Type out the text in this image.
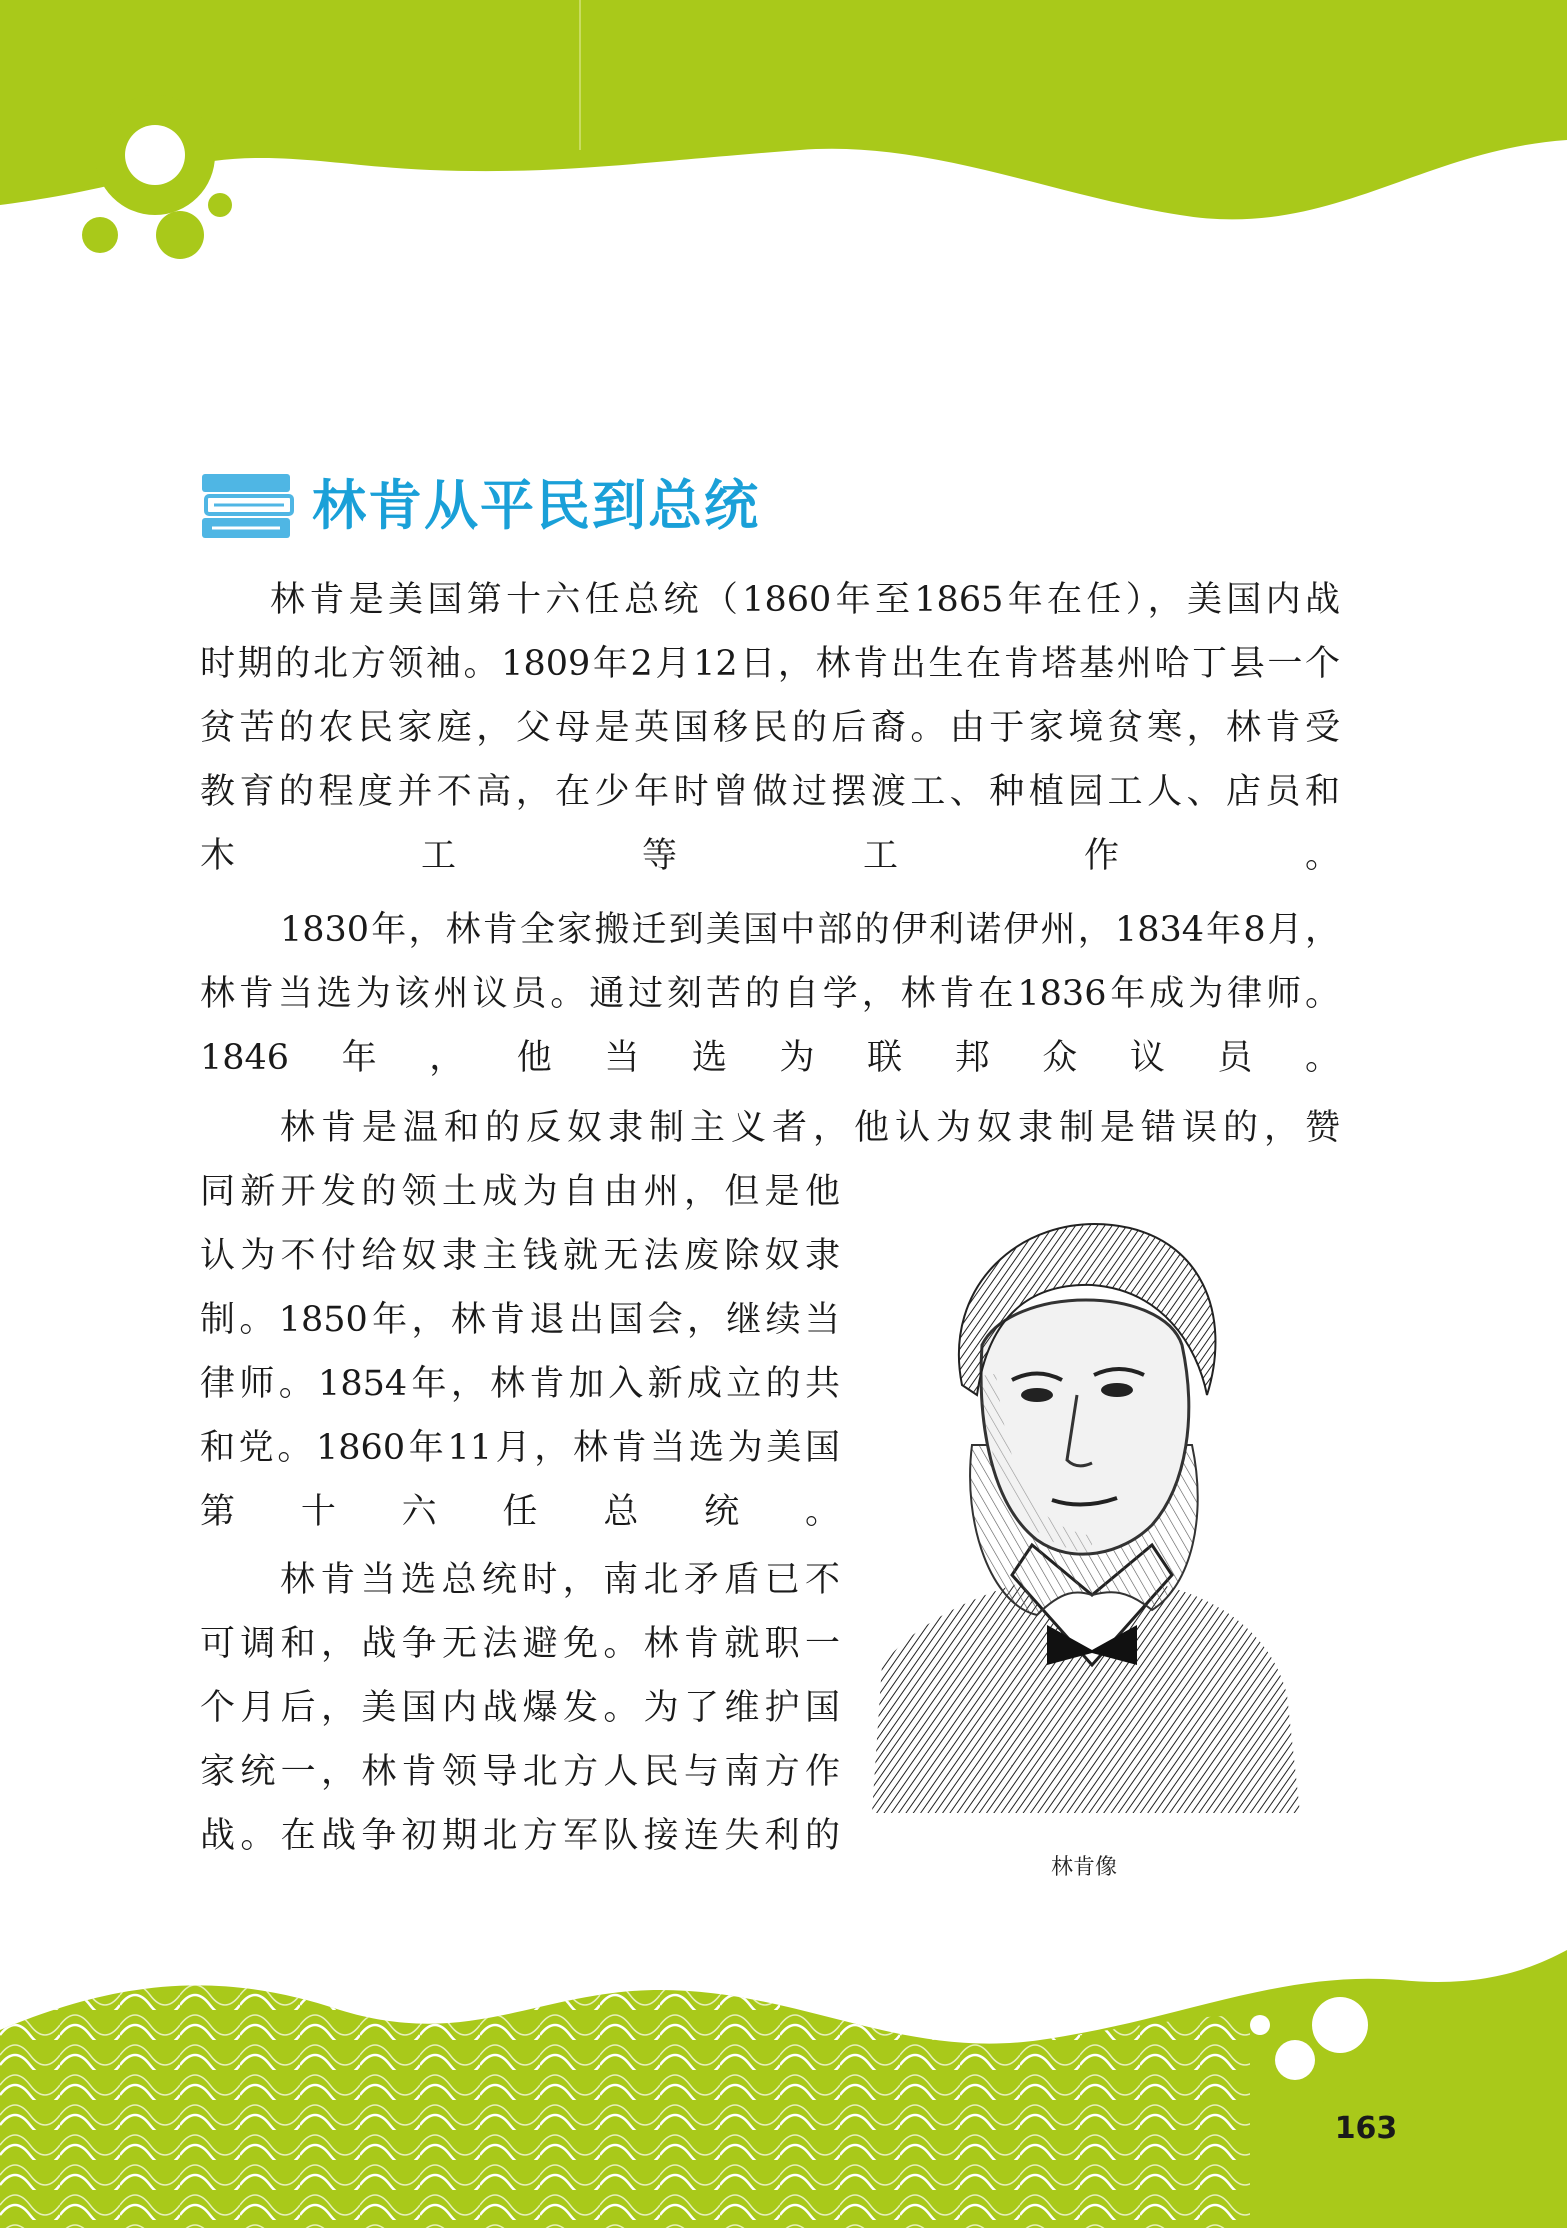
林肯从平民到总统
林肯是美国第十六任总统（1860年至1865年在任），美国内战
时期的北方领袖。1809年2月12日，林肯出生在肯塔基州哈丁县一个
贫苦的农民家庭，父母是英国移民的后裔。由于家境贫寒，林肯受
教育的程度并不高，在少年时曾做过摆渡工、种植园工人、店员和
木工等工作。
1830年，林肯全家搬迁到美国中部的伊利诺伊州，1834年8月，
林肯当选为该州议员。通过刻苦的自学，林肯在1836年成为律师。
1846年，他当选为联邦众议员。
林肯是温和的反奴隶制主义者，他认为奴隶制是错误的，赞
同新开发的领土成为自由州，但是他
认为不付给奴隶主钱就无法废除奴隶
制。1850年，林肯退出国会，继续当
律师。1854年，林肯加入新成立的共
和党。1860年11月，林肯当选为美国
第十六任总统。
林肯当选总统时，南北矛盾已不
可调和，战争无法避免。林肯就职一
个月后，美国内战爆发。为了维护国
家统一，林肯领导北方人民与南方作
战。在战争初期北方军队接连失利的
林肯像
163
